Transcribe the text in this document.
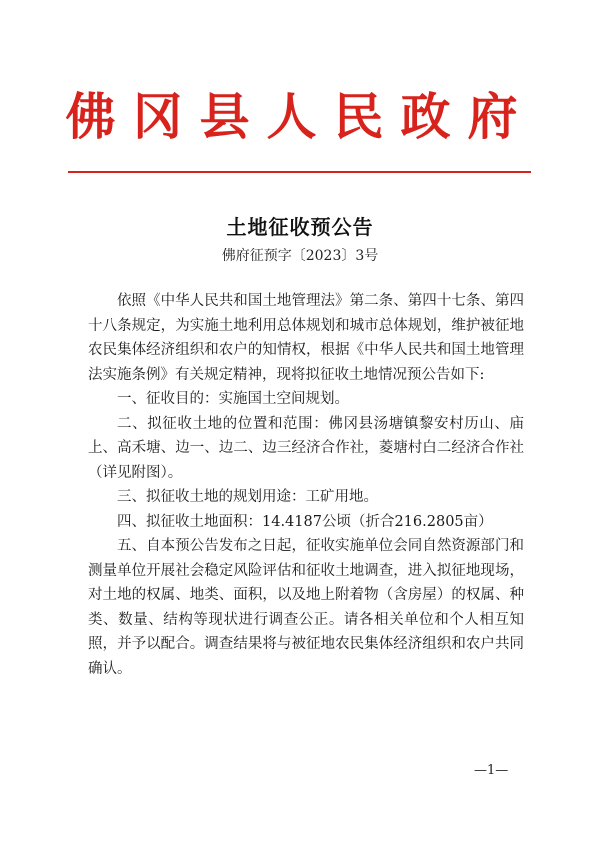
佛冈县人民政府
土地征收预公告
佛府征预字〔2023〕3号

依照《中华人民共和国土地管理法》第二条、第四十七条、第四十八条规定，为实施土地利用总体规划和城市总体规划，维护被征地农民集体经济组织和农户的知情权，根据《中华人民共和国土地管理法实施条例》有关规定精神，现将拟征收土地情况预公告如下:

一、征收目的：实施国土空间规划。

二、拟征收土地的位置和范围：佛冈县汤塘镇黎安村历山、庙上、高禾塘、边一、边二、边三经济合作社，菱塘村白二经济合作社（详见附图）。

三、拟征收土地的规划用途：工矿用地。

四、拟征收土地面积：14.4187公顷（折合216.2805亩）

五、自本预公告发布之日起，征收实施单位会同自然资源部门和测量单位开展社会稳定风险评估和征收土地调查，进入拟征地现场，对土地的权属、地类、面积，以及地上附着物（含房屋）的权属、种类、数量、结构等现状进行调查公正。请各相关单位和个人相互知照，并予以配合。调查结果将与被征地农民集体经济组织和农户共同确认。

—1—
